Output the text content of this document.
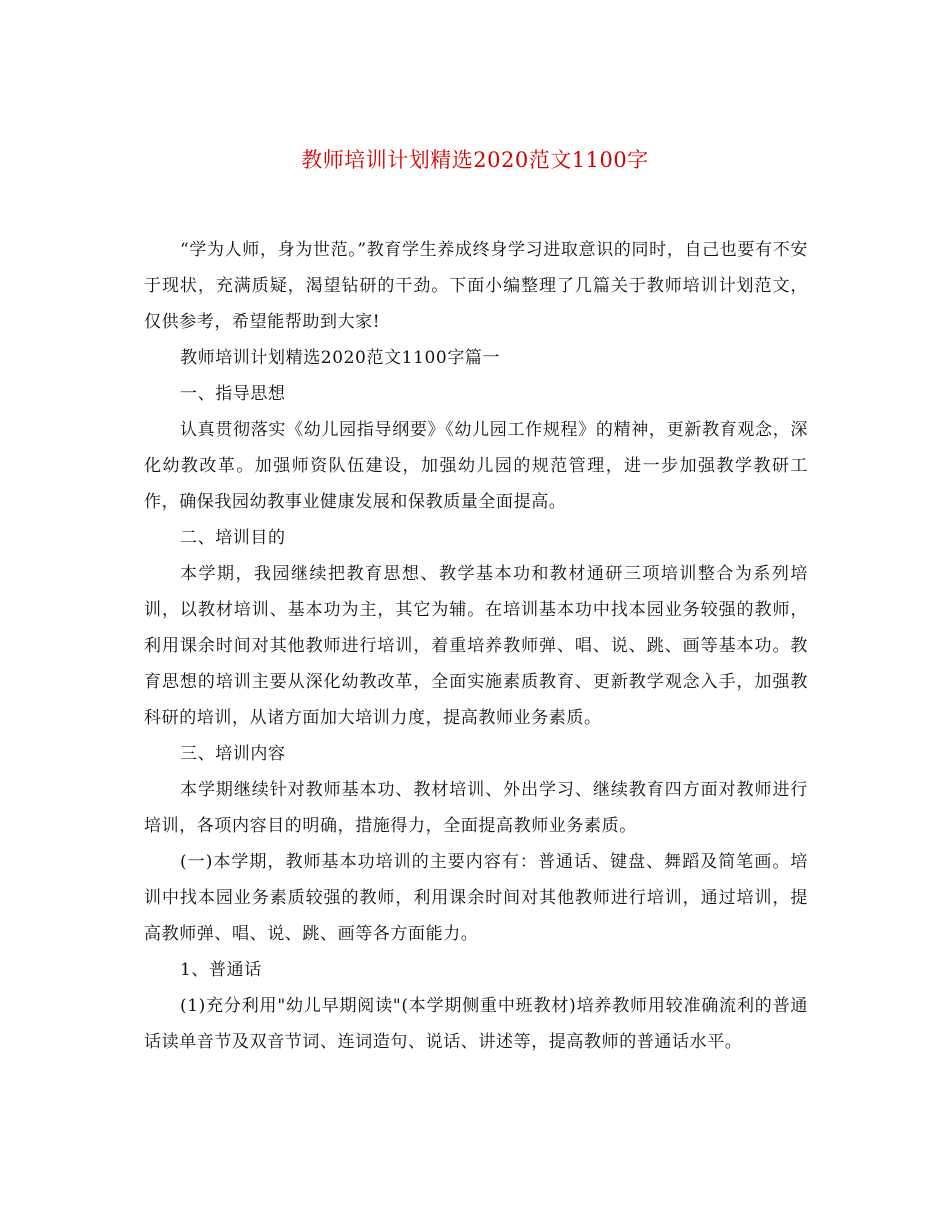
教师培训计划精选2020范文1100字

“学为人师，身为世范。”教育学生养成终身学习进取意识的同时，自己也要有不安于现状，充满质疑，渴望钻研的干劲。下面小编整理了几篇关于教师培训计划范文，仅供参考，希望能帮助到大家!

教师培训计划精选2020范文1100字篇一

一、指导思想

认真贯彻落实《幼儿园指导纲要》《幼儿园工作规程》的精神，更新教育观念，深化幼教改革。加强师资队伍建设，加强幼儿园的规范管理，进一步加强教学教研工作，确保我园幼教事业健康发展和保教质量全面提高。

二、培训目的

本学期，我园继续把教育思想、教学基本功和教材通研三项培训整合为系列培训，以教材培训、基本功为主，其它为辅。在培训基本功中找本园业务较强的教师，利用课余时间对其他教师进行培训，着重培养教师弹、唱、说、跳、画等基本功。教育思想的培训主要从深化幼教改革，全面实施素质教育、更新教学观念入手，加强教科研的培训，从诸方面加大培训力度，提高教师业务素质。

三、培训内容

本学期继续针对教师基本功、教材培训、外出学习、继续教育四方面对教师进行培训，各项内容目的明确，措施得力，全面提高教师业务素质。

(一)本学期，教师基本功培训的主要内容有：普通话、键盘、舞蹈及简笔画。培训中找本园业务素质较强的教师，利用课余时间对其他教师进行培训，通过培训，提高教师弹、唱、说、跳、画等各方面能力。

1、普通话

(1)充分利用"幼儿早期阅读"(本学期侧重中班教材)培养教师用较准确流利的普通话读单音节及双音节词、连词造句、说话、讲述等，提高教师的普通话水平。
